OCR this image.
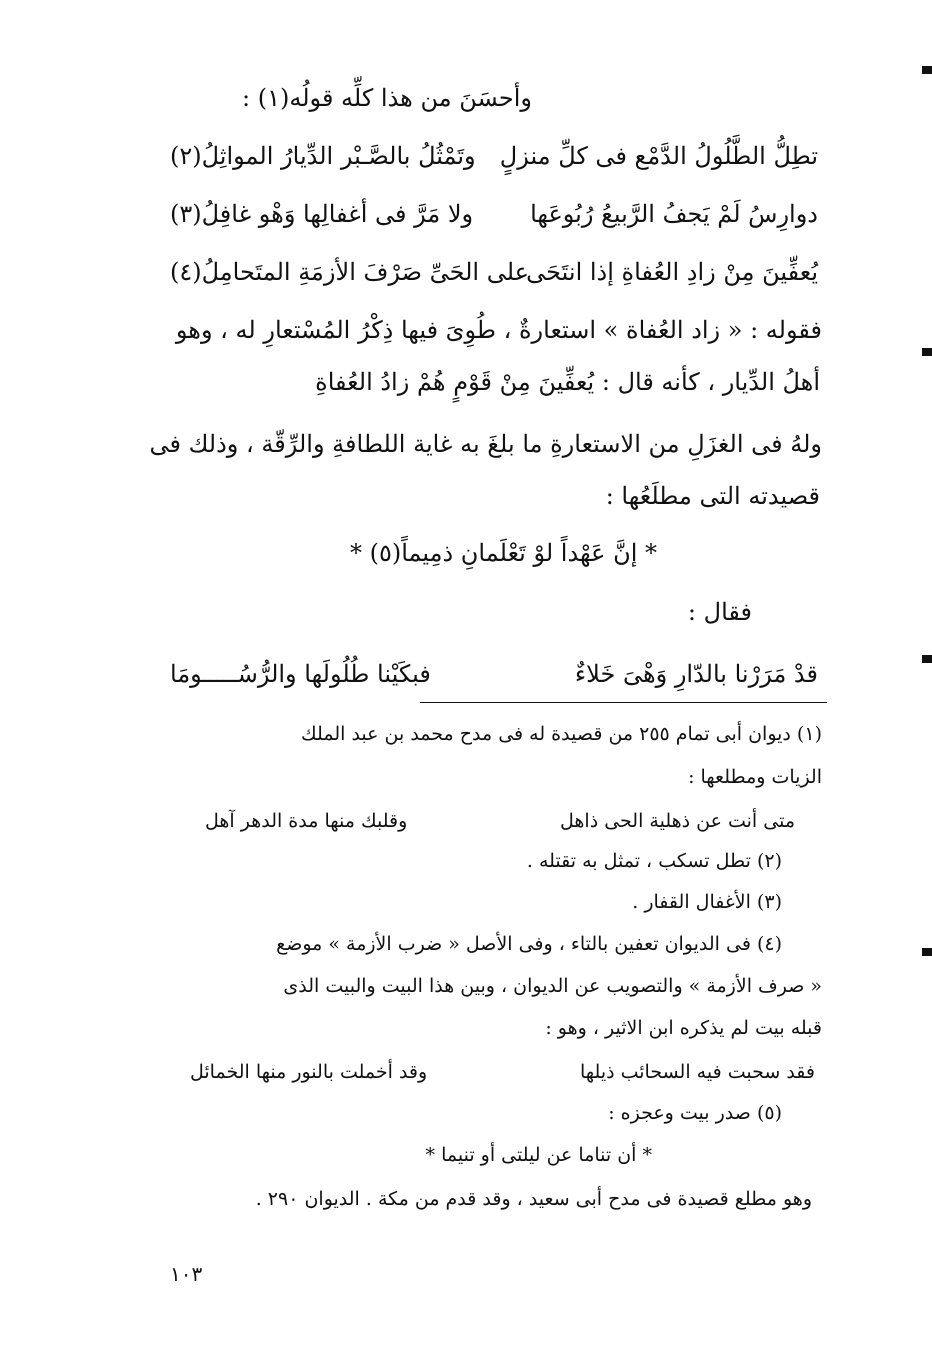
وأحسَنَ من هذا كلِّه قولُه(١) :
تطِلُّ الطَّلُولُ الدَّمْع فى كلِّ منزلٍ
وتَمْثُلُ بالصَّـبْر الدِّيارُ المواثِلُ(٢)
دوارِسُ لَمْ يَجفُ الرَّبيعُ رُبُوعَها
ولا مَرَّ فى أغفالِها وَهْو غافِلُ(٣)
يُعفِّينَ مِنْ زادِ العُفاةِ إذا انتَحَى
على الحَىِّ صَرْفَ الأزمَةِ المتَحامِلُ(٤)
فقوله : « زاد العُفاة » استعارةٌ ، طُوِىَ فيها ذِكْرُ المُسْتعارِ له ، وهو
أهلُ الدِّيار ، كأنه قال : يُعفِّينَ مِنْ قَوْمٍ هُمْ زادُ العُفاةِ
ولهُ فى الغزَلِ من الاستعارةِ ما بلغَ به غاية اللطافةِ والرِّقّة ، وذلك فى
قصيدته التى مطلَعُها :
* إنَّ عَهْداً لوْ تَعْلَمانِ ذمِيماً(٥) *
فقال :
قدْ مَرَرْنا بالدّارِ وَهْىَ خَلاءٌ
فبكَيْنا طُلُولَها والرُّسُـــــومَا
(١) ديوان أبى تمام ٢٥٥ من قصيدة له فى مدح محمد بن عبد الملك
الزيات ومطلعها :
متى أنت عن ذهلية الحى ذاهل
وقلبك منها مدة الدهر آهل
(٢) تطل تسكب ، تمثل به تقتله .
(٣) الأغفال القفار .
(٤) فى الديوان تعفين بالتاء ، وفى الأصل « ضرب الأزمة » موضع
« صرف الأزمة » والتصويب عن الديوان ، وبين هذا البيت والبيت الذى
قبله بيت لم يذكره ابن الاثير ، وهو :
فقد سحبت فيه السحائب ذيلها
وقد أخملت بالنور منها الخمائل
(٥) صدر بيت وعجزه :
* أن تناما عن ليلتى أو تنيما *
وهو مطلع قصيدة فى مدح أبى سعيد ، وقد قدم من مكة . الديوان ٢٩٠ .
١٠٣
